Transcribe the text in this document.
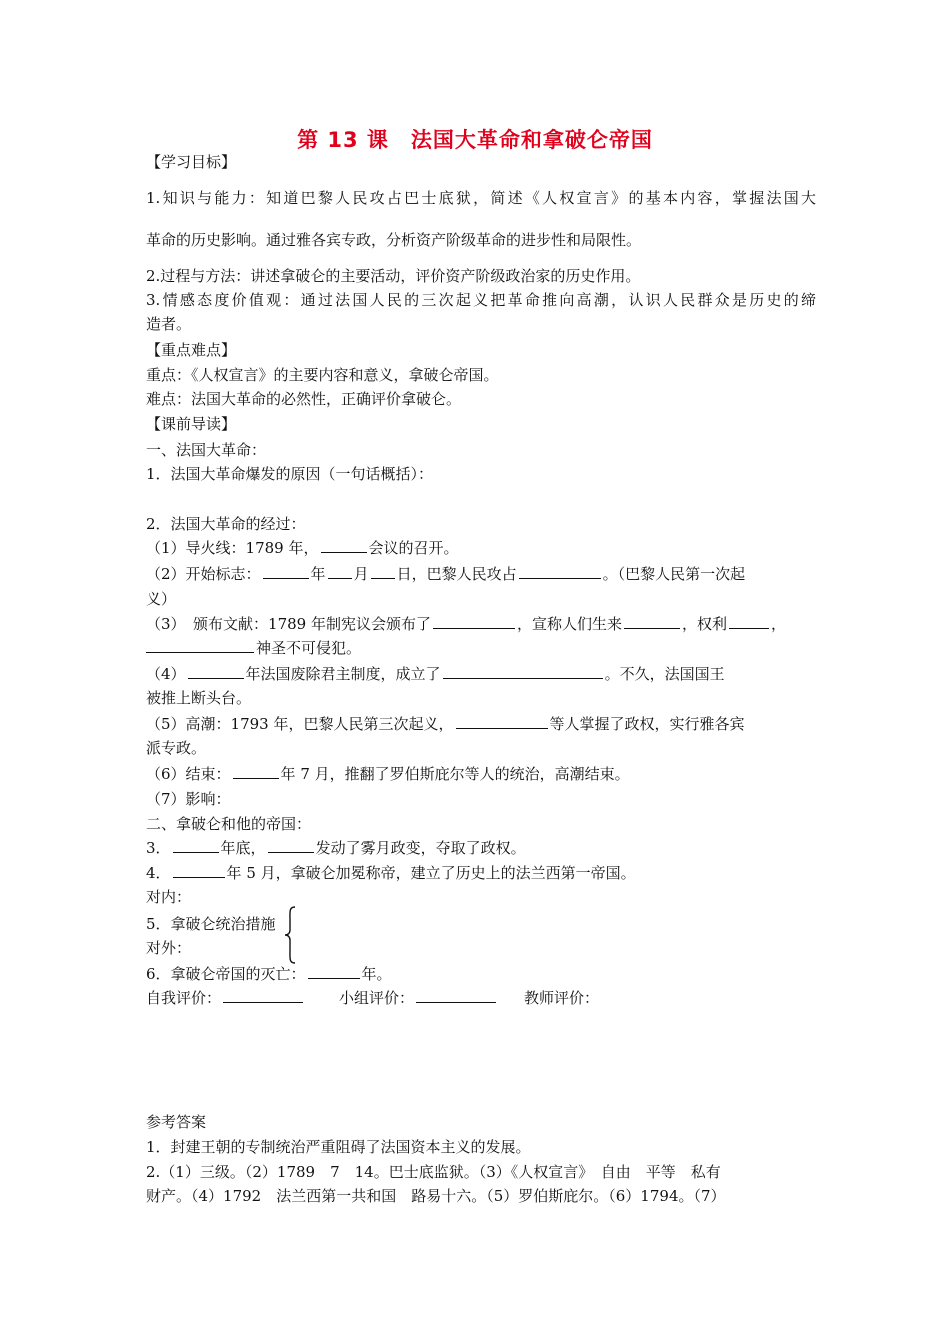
第 13 课　法国大革命和拿破仑帝国
【学习目标】
1.知识与能力：知道巴黎人民攻占巴士底狱，简述《人权宣言》的基本内容，掌握法国大
革命的历史影响。通过雅各宾专政，分析资产阶级革命的进步性和局限性。
2.过程与方法：讲述拿破仑的主要活动，评价资产阶级政治家的历史作用。
3.情感态度价值观：通过法国人民的三次起义把革命推向高潮，认识人民群众是历史的缔
造者。
【重点难点】
重点：《人权宣言》的主要内容和意义，拿破仑帝国。
难点：法国大革命的必然性，正确评价拿破仑。
【课前导读】
一、法国大革命：
1．法国大革命爆发的原因（一句话概括）：
2．法国大革命的经过：
（1）导火线：1789 年，	会议的召开。
（2）开始标志：	年 月 日，巴黎人民攻占	。（巴黎人民第一次起
义）
（3）　颁布文献：1789 年制宪议会颁布了	，宣称人们生来	，权利	，
神圣不可侵犯。
（4）	年法国废除君主制度，成立了	。不久，法国国王
被推上断头台。
（5）高潮：1793 年，巴黎人民第三次起义，	等人掌握了政权，实行雅各宾
派专政。
（6）结束：	年 7 月，推翻了罗伯斯庇尔等人的统治，高潮结束。
（7）影响：
二、拿破仑和他的帝国：
3．	年底，	发动了雾月政变，夺取了政权。
4．	年 5 月，拿破仑加冕称帝，建立了历史上的法兰西第一帝国。
对内：
5．拿破仑统治措施
对外：
6．拿破仑帝国的灭亡：	年。
自我评价：	小组评价：	教师评价：
参考答案
1．封建王朝的专制统治严重阻碍了法国资本主义的发展。
2.（1）三级。（2）1789　7　14。巴士底监狱。（3）《人权宣言》　自由　平等　私有
财产。（4）1792　法兰西第一共和国　路易十六。（5）罗伯斯庇尔。（6）1794。（7）
